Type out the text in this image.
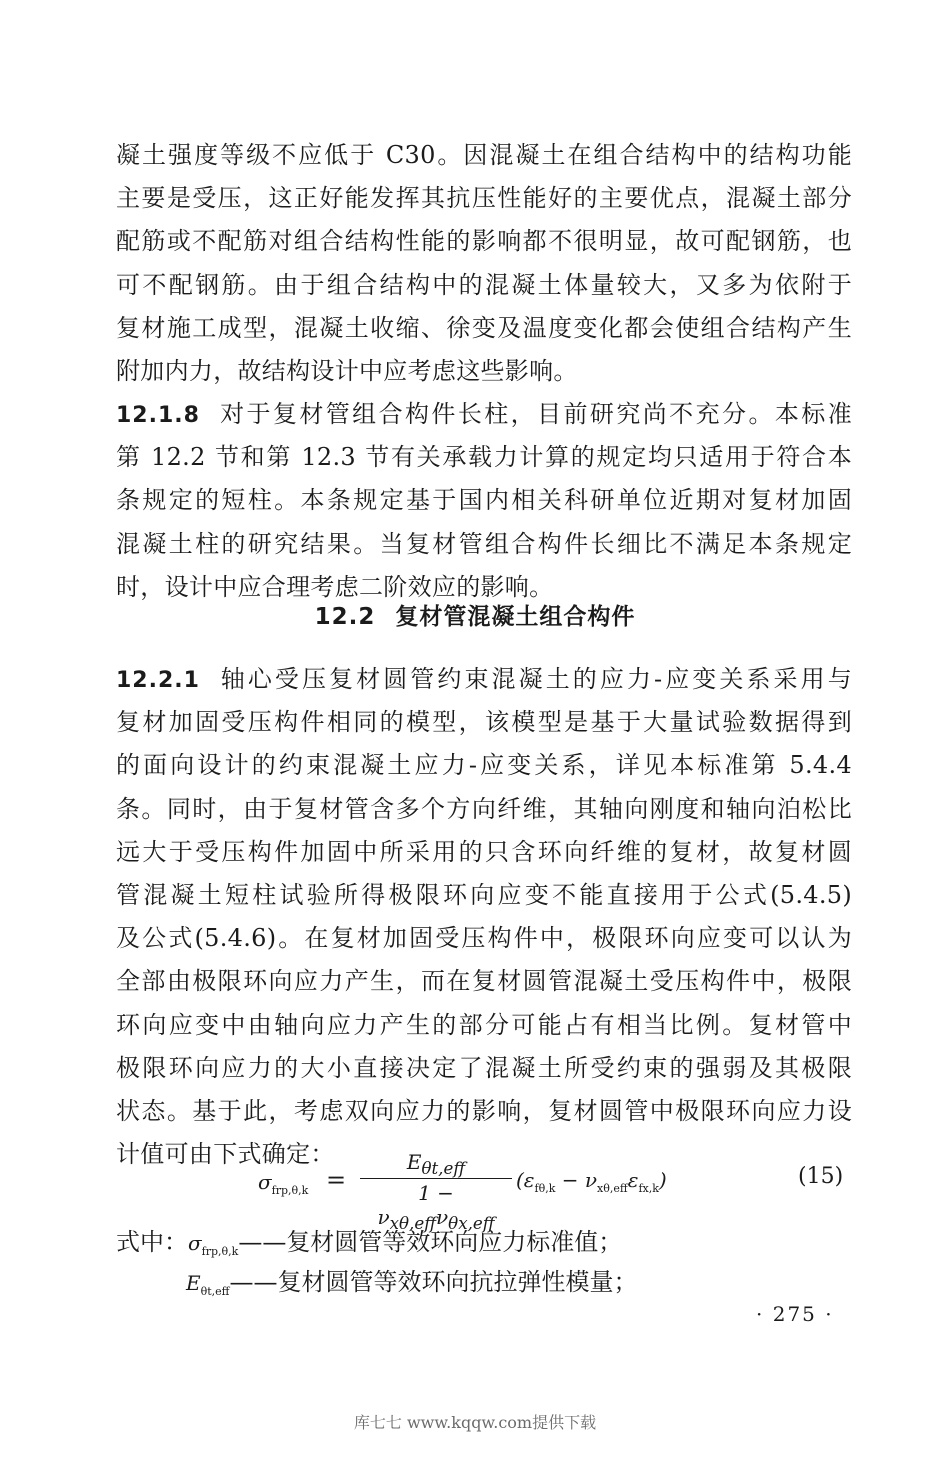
凝土强度等级不应低于 C30。因混凝土在组合结构中的结构功能
主要是受压，这正好能发挥其抗压性能好的主要优点，混凝土部分
配筋或不配筋对组合结构性能的影响都不很明显，故可配钢筋，也
可不配钢筋。由于组合结构中的混凝土体量较大，又多为依附于
复材施工成型，混凝土收缩、徐变及温度变化都会使组合结构产生
附加内力，故结构设计中应考虑这些影响。
12.1.8 对于复材管组合构件长柱，目前研究尚不充分。本标准
第 12.2 节和第 12.3 节有关承载力计算的规定均只适用于符合本
条规定的短柱。本条规定基于国内相关科研单位近期对复材加固
混凝土柱的研究结果。当复材管组合构件长细比不满足本条规定
时，设计中应合理考虑二阶效应的影响。
12.2 复材管混凝土组合构件
12.2.1 轴心受压复材圆管约束混凝土的应力-应变关系采用与
复材加固受压构件相同的模型，该模型是基于大量试验数据得到
的面向设计的约束混凝土应力-应变关系，详见本标准第 5.4.4
条。同时，由于复材管含多个方向纤维，其轴向刚度和轴向泊松比
远大于受压构件加固中所采用的只含环向纤维的复材，故复材圆
管混凝土短柱试验所得极限环向应变不能直接用于公式(5.4.5)
及公式(5.4.6)。在复材加固受压构件中，极限环向应变可以认为
全部由极限环向应力产生，而在复材圆管混凝土受压构件中，极限
环向应变中由轴向应力产生的部分可能占有相当比例。复材管中
极限环向应力的大小直接决定了混凝土所受约束的强弱及其极限
状态。基于此，考虑双向应力的影响，复材圆管中极限环向应力设
计值可由下式确定：
$\sigma_{frp,\theta,k}$ =
$E_{\theta t,eff}$
$1 - \nu_{x\theta,eff}\nu_{\theta x,eff}$
$(\varepsilon_{f\theta,k} - \nu_{x\theta,eff}\varepsilon_{fx,k})$	(15)
式中：$\sigma_{frp,\theta,k}——$复材圆管等效环向应力标准值；
$E_{\theta t,eff}——$复材圆管等效环向抗拉弹性模量；
· 275 ·
库七七 www.kqqw.com提供下载
